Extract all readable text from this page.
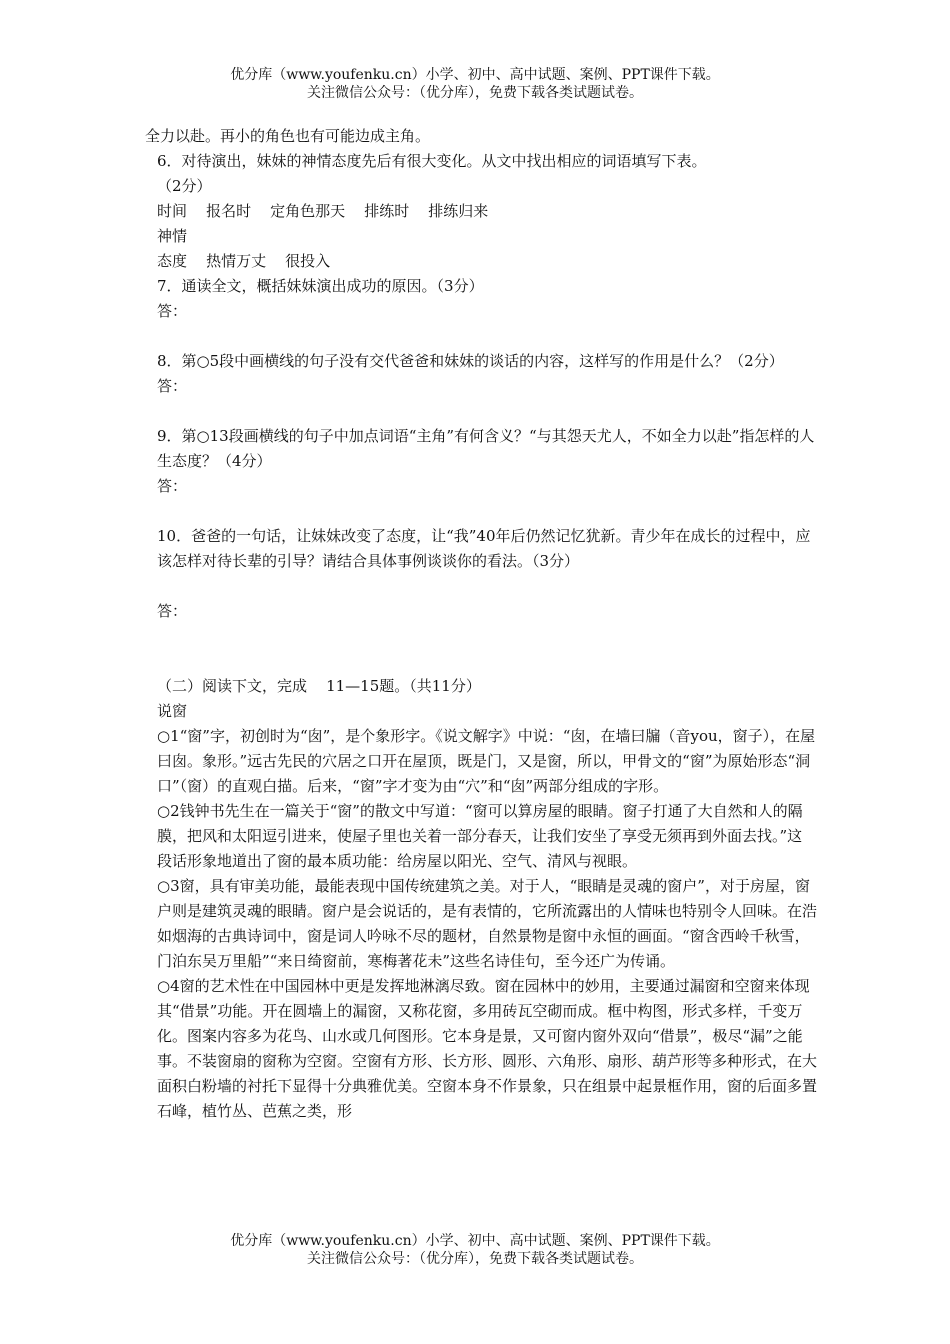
优分库（www.youfenku.cn）小学、初中、高中试题、案例、PPT课件下载。
关注微信公众号：（优分库），免费下载各类试题试卷。

全力以赴。再小的角色也有可能边成主角。

6．对待演出，妹妹的神情态度先后有很大变化。从文中找出相应的词语填写下表。

（2分）

时间    报名时    定角色那天    排练时    排练归来

神情

态度    热情万丈    很投入

7．通读全文，概括妹妹演出成功的原因。（3分）

答：

8．第○5段中画横线的句子没有交代爸爸和妹妹的谈话的内容，这样写的作用是什么？（2分）

答：

9．第○13段画横线的句子中加点词语“主角”有何含义？“与其怨天尤人，不如全力以赴”指怎样的人生态度？（4分）

答：

10．爸爸的一句话，让妹妹改变了态度，让“我”40年后仍然记忆犹新。青少年在成长的过程中，应该怎样对待长辈的引导？请结合具体事例谈谈你的看法。（3分）

答：

（二）阅读下文，完成    11—15题。（共11分）

说窗

○1“窗”字，初创时为“囱”，是个象形字。《说文解字》中说：“囱，在墙曰牖（音you，窗子），在屋曰囱。象形。”远古先民的穴居之口开在屋顶，既是门，又是窗，所以，甲骨文的“窗”为原始形态“洞口”（窗）的直观白描。后来，“窗”字才变为由“穴”和“囱”两部分组成的字形。

○2钱钟书先生在一篇关于“窗”的散文中写道：“窗可以算房屋的眼睛。窗子打通了大自然和人的隔膜，把风和太阳逗引进来，使屋子里也关着一部分春天，让我们安坐了享受无须再到外面去找。”这段话形象地道出了窗的最本质功能：给房屋以阳光、空气、清风与视眼。

○3窗，具有审美功能，最能表现中国传统建筑之美。对于人，“眼睛是灵魂的窗户”，对于房屋，窗户则是建筑灵魂的眼睛。窗户是会说话的，是有表情的，它所流露出的人情味也特别令人回味。在浩如烟海的古典诗词中，窗是词人吟咏不尽的题材，自然景物是窗中永恒的画面。“窗含西岭千秋雪，门泊东吴万里船”“来日绮窗前，寒梅著花未”这些名诗佳句，至今还广为传诵。

○4窗的艺术性在中国园林中更是发挥地淋漓尽致。窗在园林中的妙用，主要通过漏窗和空窗来体现其“借景”功能。开在圆墙上的漏窗，又称花窗，多用砖瓦空砌而成。框中构图，形式多样，千变万化。图案内容多为花鸟、山水或几何图形。它本身是景，又可窗内窗外双向“借景”，极尽“漏”之能事。不装窗扇的窗称为空窗。空窗有方形、长方形、圆形、六角形、扇形、葫芦形等多种形式，在大面积白粉墙的衬托下显得十分典雅优美。空窗本身不作景象，只在组景中起景框作用，窗的后面多置石峰，植竹丛、芭蕉之类，形

优分库（www.youfenku.cn）小学、初中、高中试题、案例、PPT课件下载。
关注微信公众号：（优分库），免费下载各类试题试卷。
